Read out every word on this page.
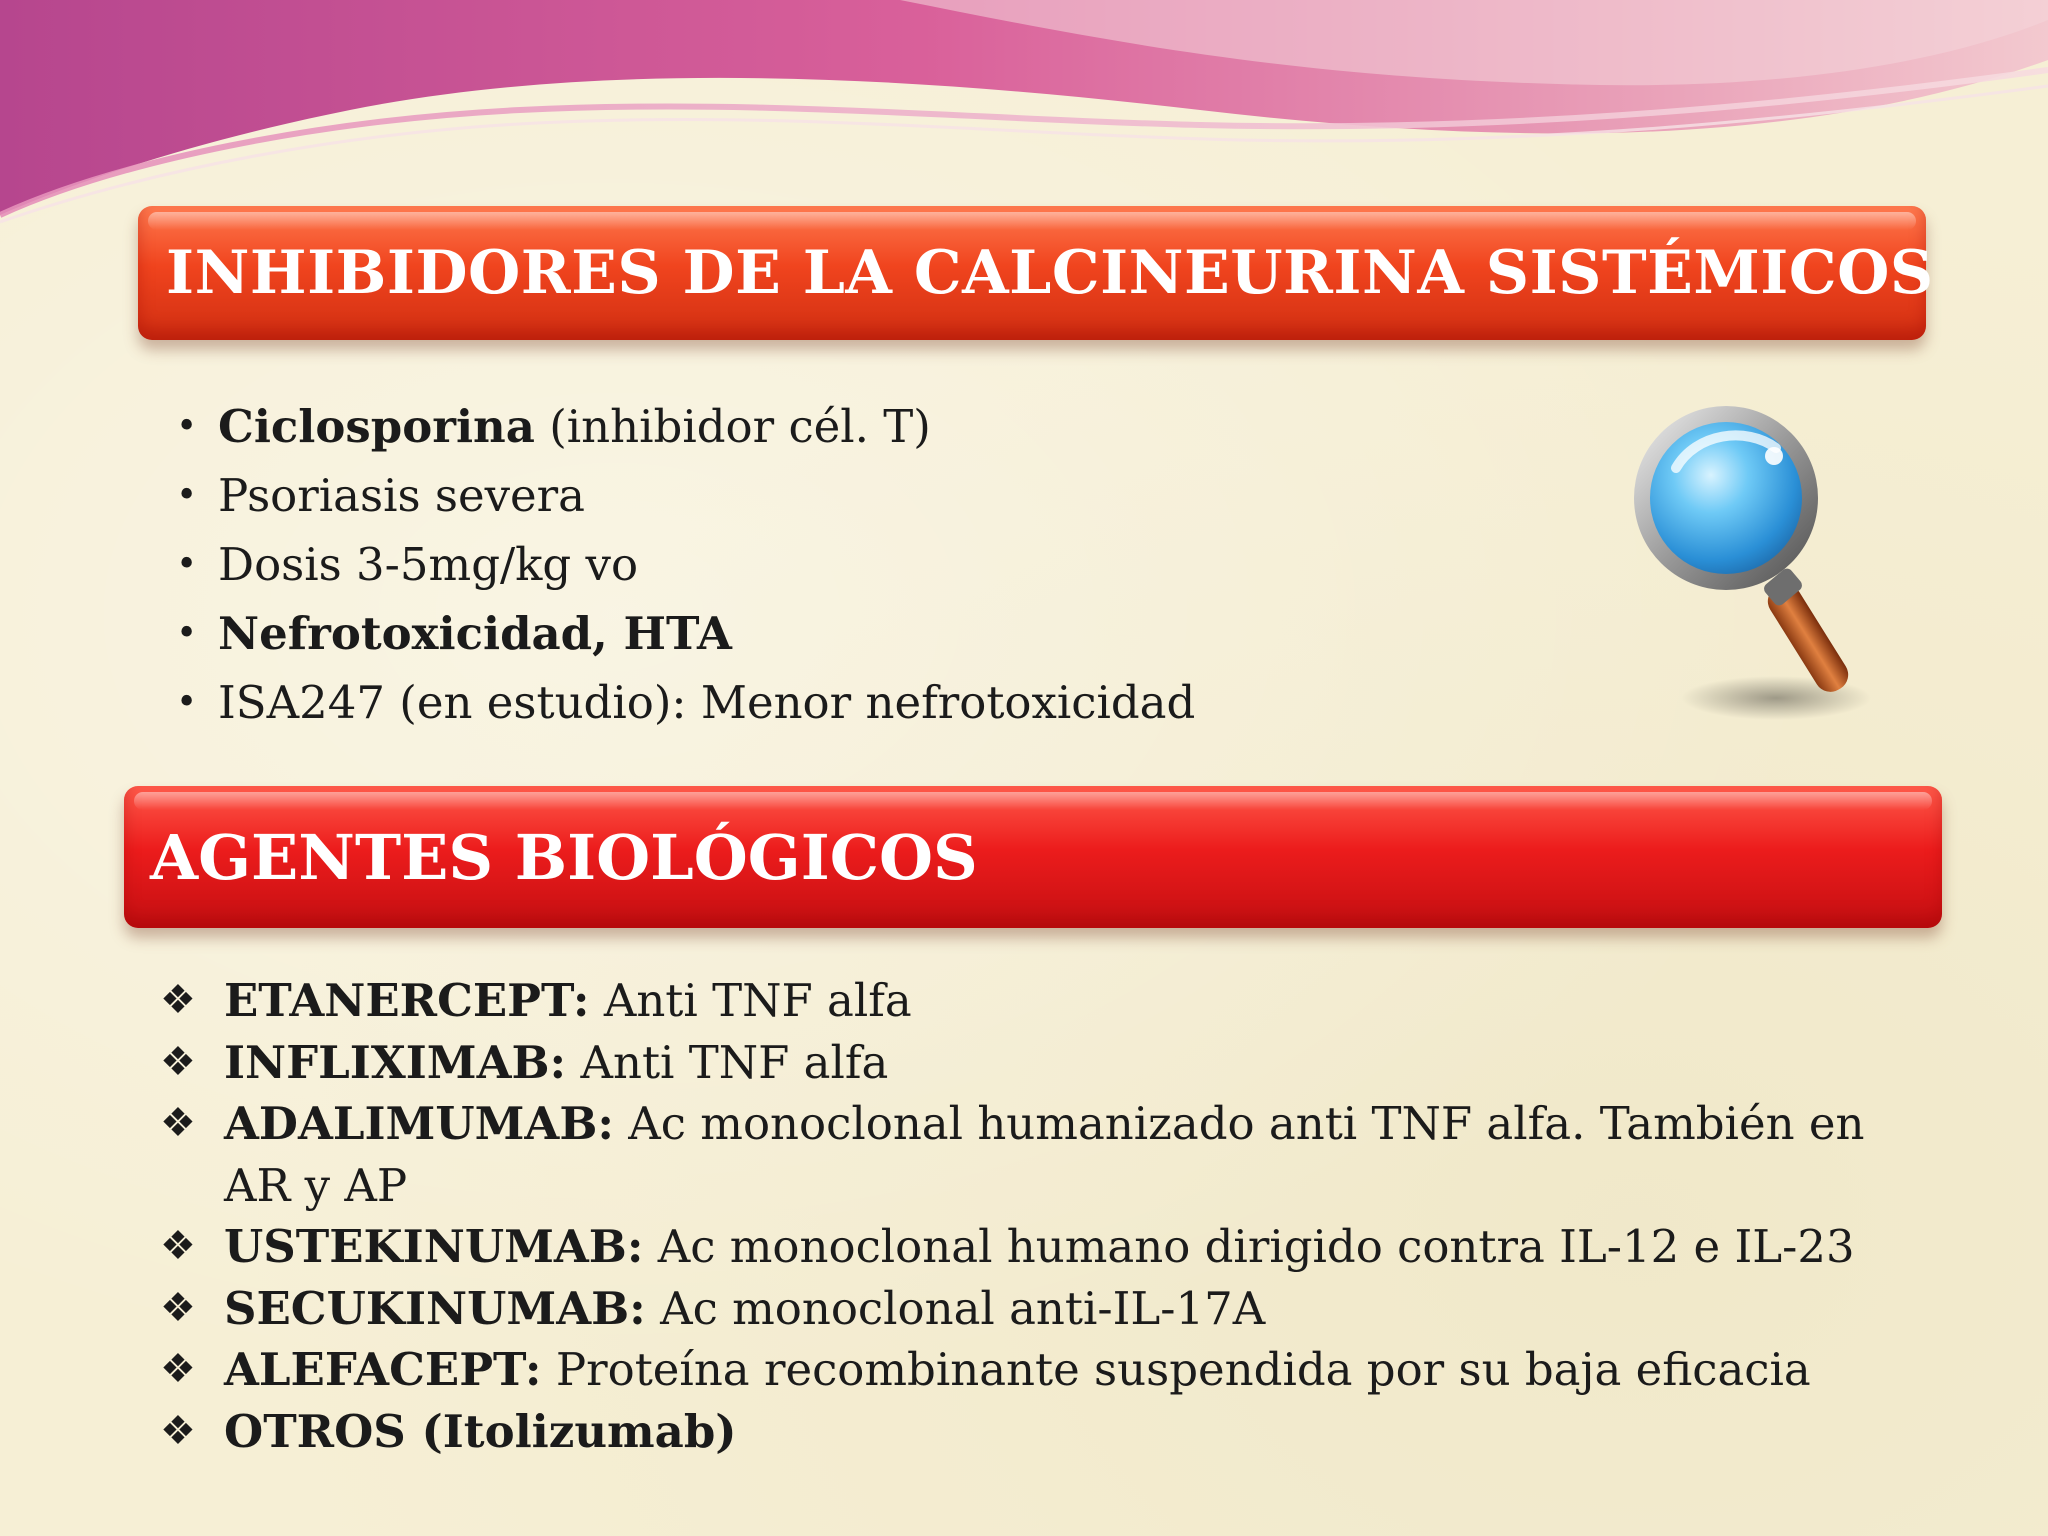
INHIBIDORES DE LA CALCINEURINA SISTÉMICOS
• Ciclosporina (inhibidor cél. T)
• Psoriasis severa
• Dosis 3-5mg/kg vo
• Nefrotoxicidad, HTA
• ISA247 (en estudio): Menor nefrotoxicidad
AGENTES BIOLÓGICOS
❖ ETANERCEPT: Anti TNF alfa
❖ INFLIXIMAB: Anti TNF alfa
❖ ADALIMUMAB: Ac monoclonal humanizado anti TNF alfa. También en AR y AP
❖ USTEKINUMAB: Ac monoclonal humano dirigido contra IL-12 e IL-23
❖ SECUKINUMAB: Ac monoclonal anti-IL-17A
❖ ALEFACEPT: Proteína recombinante suspendida por su baja eficacia
❖ OTROS (Itolizumab)
